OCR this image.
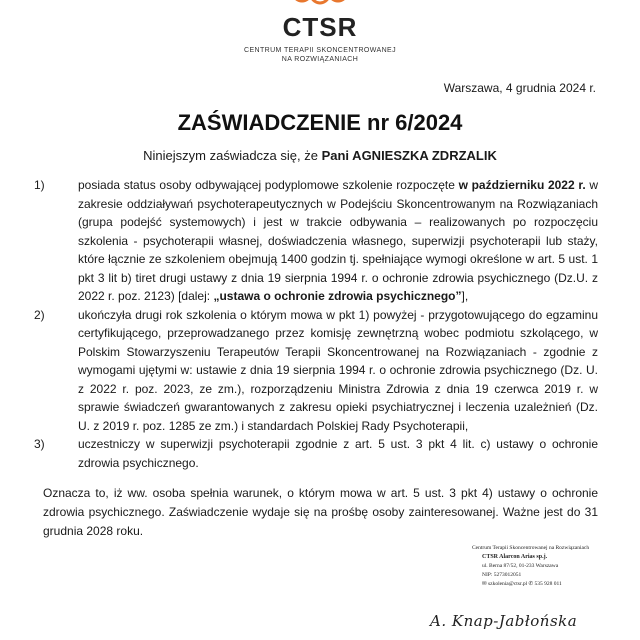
CTSR
CENTRUM TERAPII SKONCENTROWANEJ
NA ROZWIĄZANIACH
Warszawa, 4 grudnia 2024 r.
ZAŚWIADCZENIE nr 6/2024
Niniejszym zaświadcza się, że Pani AGNIESZKA ZDRZALIK
1)	posiada status osoby odbywającej podyplomowe szkolenie rozpoczęte w październiku 2022 r. w zakresie oddziaływań psychoterapeutycznych w Podejściu Skoncentrowanym na Rozwiązaniach (grupa podejść systemowych) i jest w trakcie odbywania – realizowanych po rozpoczęciu szkolenia - psychoterapii własnej, doświadczenia własnego, superwizji psychoterapii lub staży, które łącznie ze szkoleniem obejmują 1400 godzin tj. spełniające wymogi określone w art. 5 ust. 1 pkt 3 lit b) tiret drugi ustawy z dnia 19 sierpnia 1994 r. o ochronie zdrowia psychicznego (Dz.U. z 2022 r. poz. 2123) [dalej: „ustawa o ochronie zdrowia psychicznego”],
2)	ukończyła drugi rok szkolenia o którym mowa w pkt 1) powyżej - przygotowującego do egzaminu certyfikującego, przeprowadzanego przez komisję zewnętrzną wobec podmiotu szkolącego, w Polskim Stowarzyszeniu Terapeutów Terapii Skoncentrowanej na Rozwiązaniach - zgodnie z wymogami ujętymi w: ustawie z dnia 19 sierpnia 1994 r. o ochronie zdrowia psychicznego (Dz. U. z 2022 r. poz. 2023, ze zm.), rozporządzeniu Ministra Zdrowia z dnia 19 czerwca 2019 r. w sprawie świadczeń gwarantowanych z zakresu opieki psychiatrycznej i leczenia uzależnień (Dz. U. z 2019 r. poz. 1285 ze zm.) i standardach Polskiej Rady Psychoterapii,
3)	uczestniczy w superwizji psychoterapii zgodnie z art. 5 ust. 3 pkt 4 lit. c) ustawy o ochronie zdrowia psychicznego.
Oznacza to, iż ww. osoba spełnia warunek, o którym mowa w art. 5 ust. 3 pkt 4) ustawy o ochronie zdrowia psychicznego. Zaświadczenie wydaje się na prośbę osoby zainteresowanej. Ważne jest do 31 grudnia 2028 roku.
Centrum Terapii Skoncentrowanej na Rozwiązaniach
CTSR Alarcon Arias sp.j.
ul. Berna 87/52, 01-233 Warszawa
NIP: 5273012051
✉ szkolenia@ctsr.pl ✆ 535 928 011
A. Knap-Jabłońska
